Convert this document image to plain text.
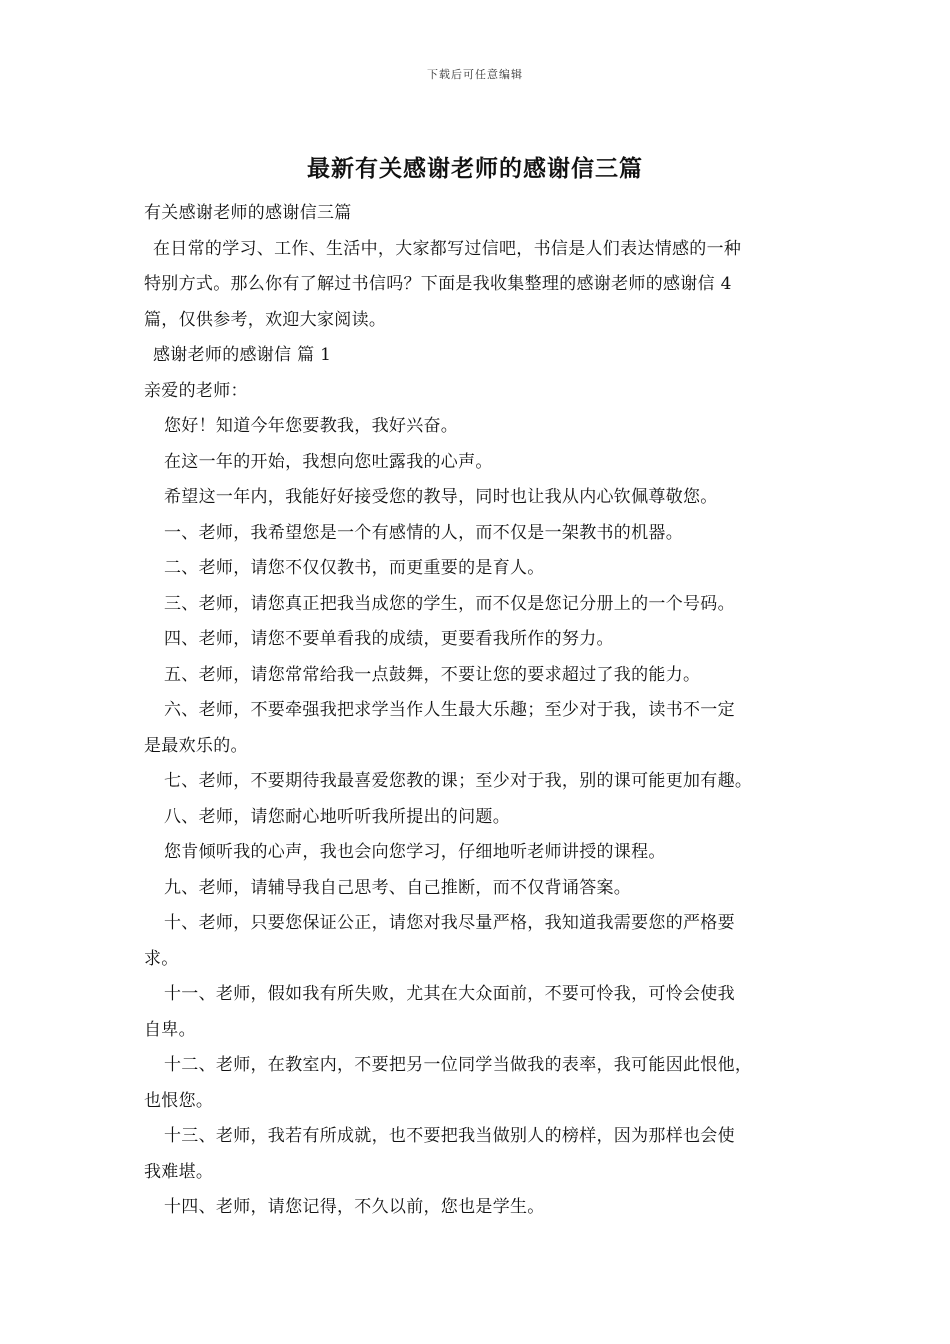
下载后可任意编辑
最新有关感谢老师的感谢信三篇

有关感谢老师的感谢信三篇

在日常的学习、工作、生活中，大家都写过信吧，书信是人们表达情感的一种

特别方式。那么你有了解过书信吗？下面是我收集整理的感谢老师的感谢信 4

篇，仅供参考，欢迎大家阅读。

感谢老师的感谢信 篇 1

亲爱的老师：

您好！知道今年您要教我，我好兴奋。

在这一年的开始，我想向您吐露我的心声。

希望这一年内，我能好好接受您的教导，同时也让我从内心钦佩尊敬您。

一、老师，我希望您是一个有感情的人，而不仅是一架教书的机器。

二、老师，请您不仅仅教书，而更重要的是育人。

三、老师，请您真正把我当成您的学生，而不仅是您记分册上的一个号码。

四、老师，请您不要单看我的成绩，更要看我所作的努力。

五、老师，请您常常给我一点鼓舞，不要让您的要求超过了我的能力。

六、老师，不要牵强我把求学当作人生最大乐趣；至少对于我，读书不一定

是最欢乐的。

七、老师，不要期待我最喜爱您教的课；至少对于我，别的课可能更加有趣。

八、老师，请您耐心地听听我所提出的问题。

您肯倾听我的心声，我也会向您学习，仔细地听老师讲授的课程。

九、老师，请辅导我自己思考、自己推断，而不仅背诵答案。

十、老师，只要您保证公正，请您对我尽量严格，我知道我需要您的严格要

求。

十一、老师，假如我有所失败，尤其在大众面前，不要可怜我，可怜会使我

自卑。

十二、老师，在教室内，不要把另一位同学当做我的表率，我可能因此恨他，

也恨您。

十三、老师，我若有所成就，也不要把我当做别人的榜样，因为那样也会使

我难堪。

十四、老师，请您记得，不久以前，您也是学生。
